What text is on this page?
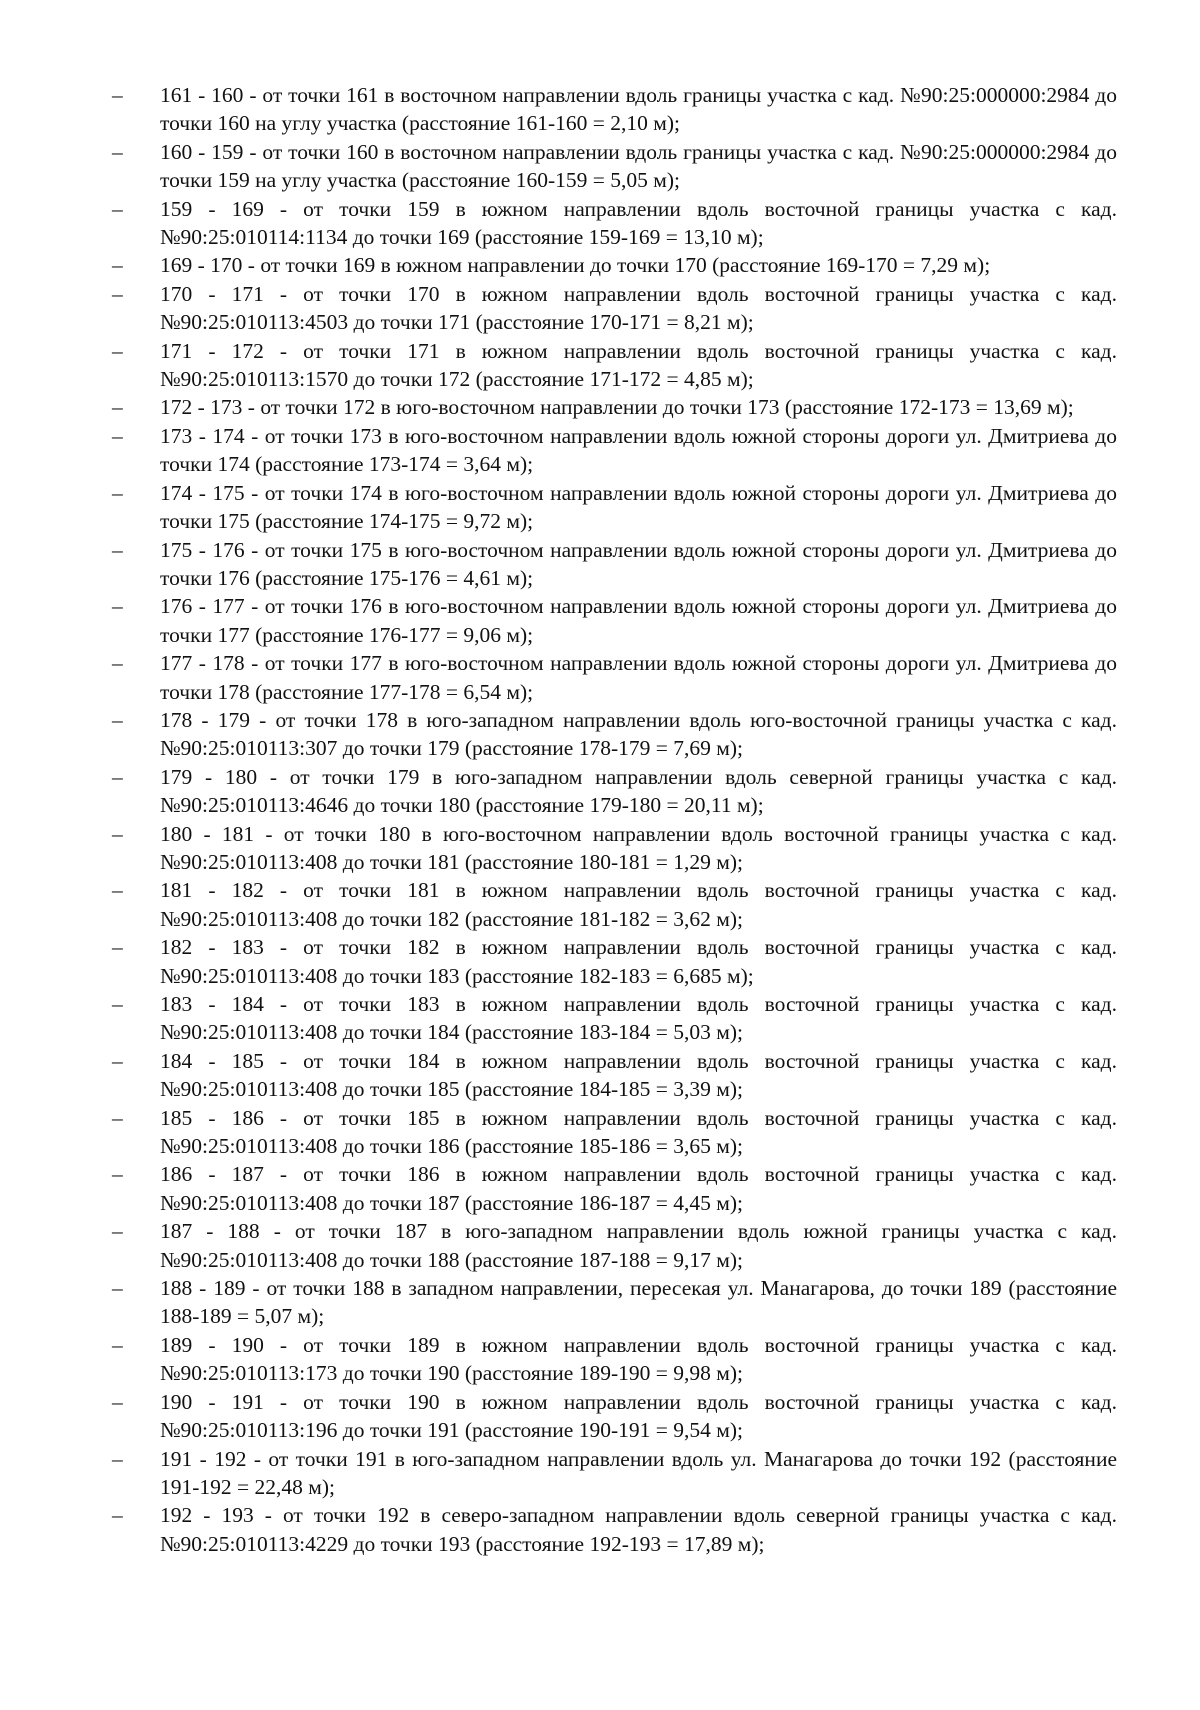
–	161 - 160 - от точки 161 в восточном направлении вдоль границы участка с кад. №90:25:000000:2984 до точки 160 на углу участка (расстояние 161-160 = 2,10 м);
–	160 - 159 - от точки 160 в восточном направлении вдоль границы участка с кад. №90:25:000000:2984 до точки 159 на углу участка (расстояние 160-159 = 5,05 м);
–	159 - 169 - от точки 159 в южном направлении вдоль восточной границы участка с кад. №90:25:010114:1134 до точки 169 (расстояние 159-169 = 13,10 м);
–	169 - 170 - от точки 169 в южном направлении до точки 170 (расстояние 169-170 = 7,29 м);
–	170 - 171 - от точки 170 в южном направлении вдоль восточной границы участка с кад. №90:25:010113:4503 до точки 171 (расстояние 170-171 = 8,21 м);
–	171 - 172 - от точки 171 в южном направлении вдоль восточной границы участка с кад. №90:25:010113:1570 до точки 172 (расстояние 171-172 = 4,85 м);
–	172 - 173 - от точки 172 в юго-восточном направлении до точки 173 (расстояние 172-173 = 13,69 м);
–	173 - 174 - от точки 173 в юго-восточном направлении вдоль южной стороны дороги ул. Дмитриева до точки 174 (расстояние 173-174 = 3,64 м);
–	174 - 175 - от точки 174 в юго-восточном направлении вдоль южной стороны дороги ул. Дмитриева до точки 175 (расстояние 174-175 = 9,72 м);
–	175 - 176 - от точки 175 в юго-восточном направлении вдоль южной стороны дороги ул. Дмитриева до точки 176 (расстояние 175-176 = 4,61 м);
–	176 - 177 - от точки 176 в юго-восточном направлении вдоль южной стороны дороги ул. Дмитриева до точки 177 (расстояние 176-177 = 9,06 м);
–	177 - 178 - от точки 177 в юго-восточном направлении вдоль южной стороны дороги ул. Дмитриева до точки 178 (расстояние 177-178 = 6,54 м);
–	178 - 179 - от точки 178 в юго-западном направлении вдоль юго-восточной границы участка с кад. №90:25:010113:307 до точки 179 (расстояние 178-179 = 7,69 м);
–	179 - 180 - от точки 179 в юго-западном направлении вдоль северной границы участка с кад. №90:25:010113:4646 до точки 180 (расстояние 179-180 = 20,11 м);
–	180 - 181 - от точки 180 в юго-восточном направлении вдоль восточной границы участка с кад. №90:25:010113:408 до точки 181 (расстояние 180-181 = 1,29 м);
–	181 - 182 - от точки 181 в южном направлении вдоль восточной границы участка с кад. №90:25:010113:408 до точки 182 (расстояние 181-182 = 3,62 м);
–	182 - 183 - от точки 182 в южном направлении вдоль восточной границы участка с кад. №90:25:010113:408 до точки 183 (расстояние 182-183 = 6,685 м);
–	183 - 184 - от точки 183 в южном направлении вдоль восточной границы участка с кад. №90:25:010113:408 до точки 184 (расстояние 183-184 = 5,03 м);
–	184 - 185 - от точки 184 в южном направлении вдоль восточной границы участка с кад. №90:25:010113:408 до точки 185 (расстояние 184-185 = 3,39 м);
–	185 - 186 - от точки 185 в южном направлении вдоль восточной границы участка с кад. №90:25:010113:408 до точки 186 (расстояние 185-186 = 3,65 м);
–	186 - 187 - от точки 186 в южном направлении вдоль восточной границы участка с кад. №90:25:010113:408 до точки 187 (расстояние 186-187 = 4,45 м);
–	187 - 188 - от точки 187 в юго-западном направлении вдоль южной границы участка с кад. №90:25:010113:408 до точки 188 (расстояние 187-188 = 9,17 м);
–	188 - 189 - от точки 188 в западном направлении, пересекая ул. Манагарова, до точки 189 (расстояние 188-189 = 5,07 м);
–	189 - 190 - от точки 189 в южном направлении вдоль восточной границы участка с кад. №90:25:010113:173 до точки 190 (расстояние 189-190 = 9,98 м);
–	190 - 191 - от точки 190 в южном направлении вдоль восточной границы участка с кад. №90:25:010113:196 до точки 191 (расстояние 190-191 = 9,54 м);
–	191 - 192 - от точки 191 в юго-западном направлении вдоль ул. Манагарова до точки 192 (расстояние 191-192 = 22,48 м);
–	192 - 193 - от точки 192 в северо-западном направлении вдоль северной границы участка с кад. №90:25:010113:4229 до точки 193 (расстояние 192-193 = 17,89 м);
